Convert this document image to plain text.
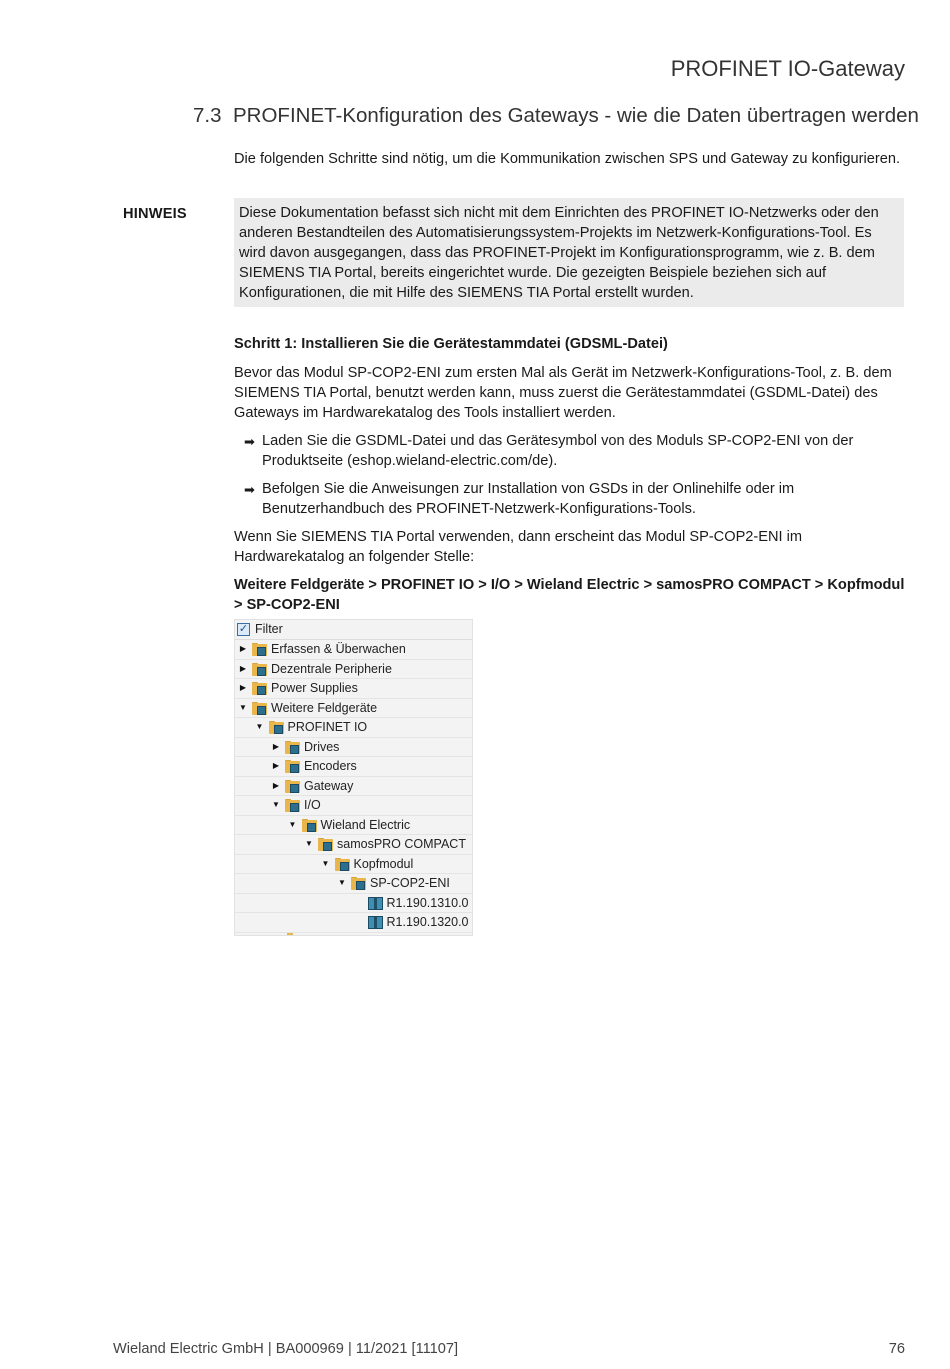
PROFINET IO-Gateway
7.3 PROFINET-Konfiguration des Gateways - wie die Daten übertragen werden
Die folgenden Schritte sind nötig, um die Kommunikation zwischen SPS und Gateway zu konfigurieren.
HINWEIS	Diese Dokumentation befasst sich nicht mit dem Einrichten des PROFINET IO-Netzwerks oder den anderen Bestandteilen des Automatisierungssystem-Projekts im Netzwerk-Konfigurations-Tool. Es wird davon ausgegangen, dass das PROFINET-Projekt im Konfigurationsprogramm, wie z. B. dem SIEMENS TIA Portal, bereits eingerichtet wurde. Die gezeigten Beispiele beziehen sich auf Konfigurationen, die mit Hilfe des SIEMENS TIA Portal erstellt wurden.

Schritt 1: Installieren Sie die Gerätestammdatei (GDSML-Datei)

Bevor das Modul SP-COP2-ENI zum ersten Mal als Gerät im Netzwerk-Konfigurations-Tool, z. B. dem SIEMENS TIA Portal, benutzt werden kann, muss zuerst die Gerätestammdatei (GSDML-Datei) des Gateways im Hardwarekatalog des Tools installiert werden.

➡ Laden Sie die GSDML-Datei und das Gerätesymbol von des Moduls SP-COP2-ENI von der Produktseite (eshop.wieland-electric.com/de).
➡ Befolgen Sie die Anweisungen zur Installation von GSDs in der Onlinehilfe oder im Benutzerhandbuch des PROFINET-Netzwerk-Konfigurations-Tools.

Wenn Sie SIEMENS TIA Portal verwenden, dann erscheint das Modul SP-COP2-ENI im Hardwarekatalog an folgender Stelle:

Weitere Feldgeräte > PROFINET IO > I/O > Wieland Electric > samosPRO COMPACT > Kopfmodul > SP-COP2-ENI

✓ Filter
▶ Erfassen & Überwachen
▶ Dezentrale Peripherie
▶ Power Supplies
▼ Weitere Feldgeräte
▼ PROFINET IO
▶ Drives
▶ Encoders
▶ Gateway
▼ I/O
▼ Wieland Electric
▼ samosPRO COMPACT
▼ Kopfmodul
▼ SP-COP2-ENI
R1.190.1310.0
R1.190.1320.0
Wieland Electric GmbH | BA000969 | 11/2021 [11107]	76
